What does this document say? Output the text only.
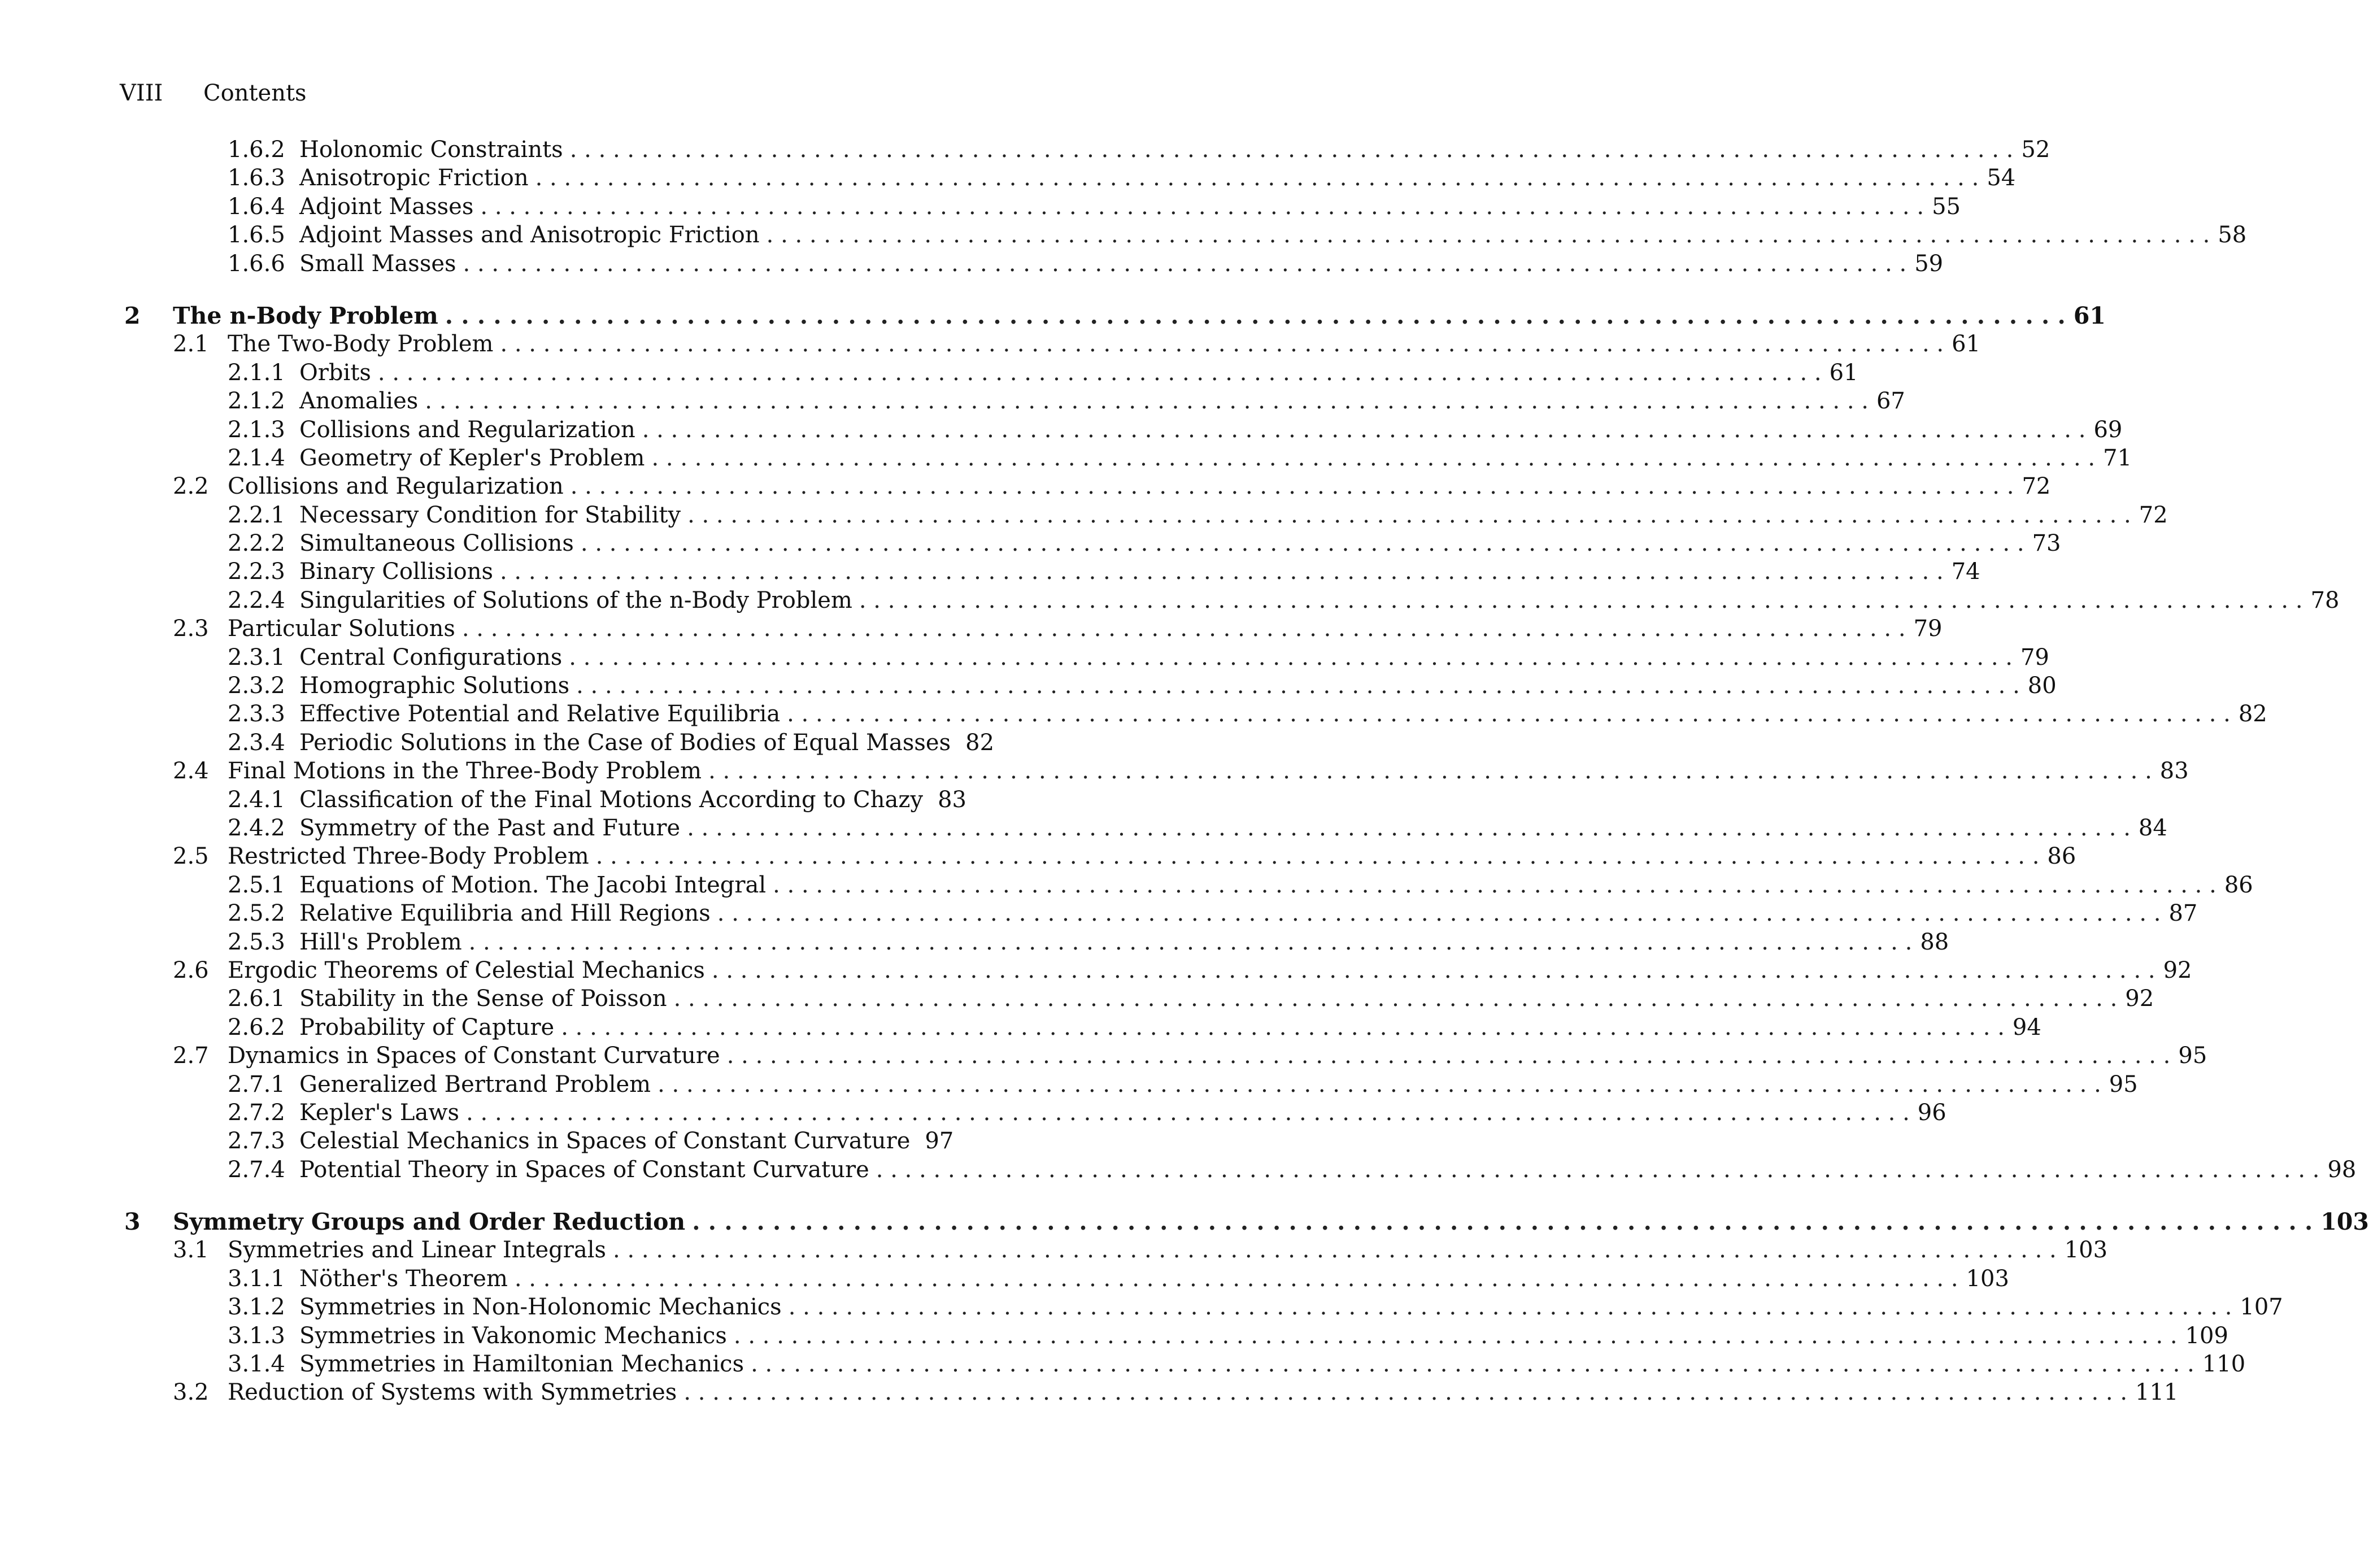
VIII Contents
1.6.2 Holonomic Constraints . . .	52
1.6.3 Anisotropic Friction . . .	54
1.6.4 Adjoint Masses . . .	55
1.6.5 Adjoint Masses and Anisotropic Friction . . .	58
1.6.6 Small Masses . . .	59
2 The n-Body Problem . . .	61
2.1 The Two-Body Problem . . .	61
2.1.1 Orbits . . .	61
2.1.2 Anomalies . . .	67
2.1.3 Collisions and Regularization . . .	69
2.1.4 Geometry of Kepler's Problem . . .	71
2.2 Collisions and Regularization . . .	72
2.2.1 Necessary Condition for Stability . . .	72
2.2.2 Simultaneous Collisions . . .	73
2.2.3 Binary Collisions . . .	74
2.2.4 Singularities of Solutions of the n-Body Problem . . .	78
2.3 Particular Solutions . . .	79
2.3.1 Central Configurations . . .	79
2.3.2 Homographic Solutions . . .	80
2.3.3 Effective Potential and Relative Equilibria . . .	82
2.3.4 Periodic Solutions in the Case of Bodies of Equal Masses 82
2.4 Final Motions in the Three-Body Problem . . .	83
2.4.1 Classification of the Final Motions According to Chazy 83
2.4.2 Symmetry of the Past and Future . . .	84
2.5 Restricted Three-Body Problem . . .	86
2.5.1 Equations of Motion. The Jacobi Integral . . .	86
2.5.2 Relative Equilibria and Hill Regions . . .	87
2.5.3 Hill's Problem . . .	88
2.6 Ergodic Theorems of Celestial Mechanics . . .	92
2.6.1 Stability in the Sense of Poisson . . .	92
2.6.2 Probability of Capture . . .	94
2.7 Dynamics in Spaces of Constant Curvature . . .	95
2.7.1 Generalized Bertrand Problem . . .	95
2.7.2 Kepler's Laws . . .	96
2.7.3 Celestial Mechanics in Spaces of Constant Curvature 97
2.7.4 Potential Theory in Spaces of Constant Curvature . . .	98
3 Symmetry Groups and Order Reduction . . .	103
3.1 Symmetries and Linear Integrals . . .	103
3.1.1 Nöther's Theorem . . .	103
3.1.2 Symmetries in Non-Holonomic Mechanics . . .	107
3.1.3 Symmetries in Vakonomic Mechanics . . .	109
3.1.4 Symmetries in Hamiltonian Mechanics . . .	110
3.2 Reduction of Systems with Symmetries . . .	111
